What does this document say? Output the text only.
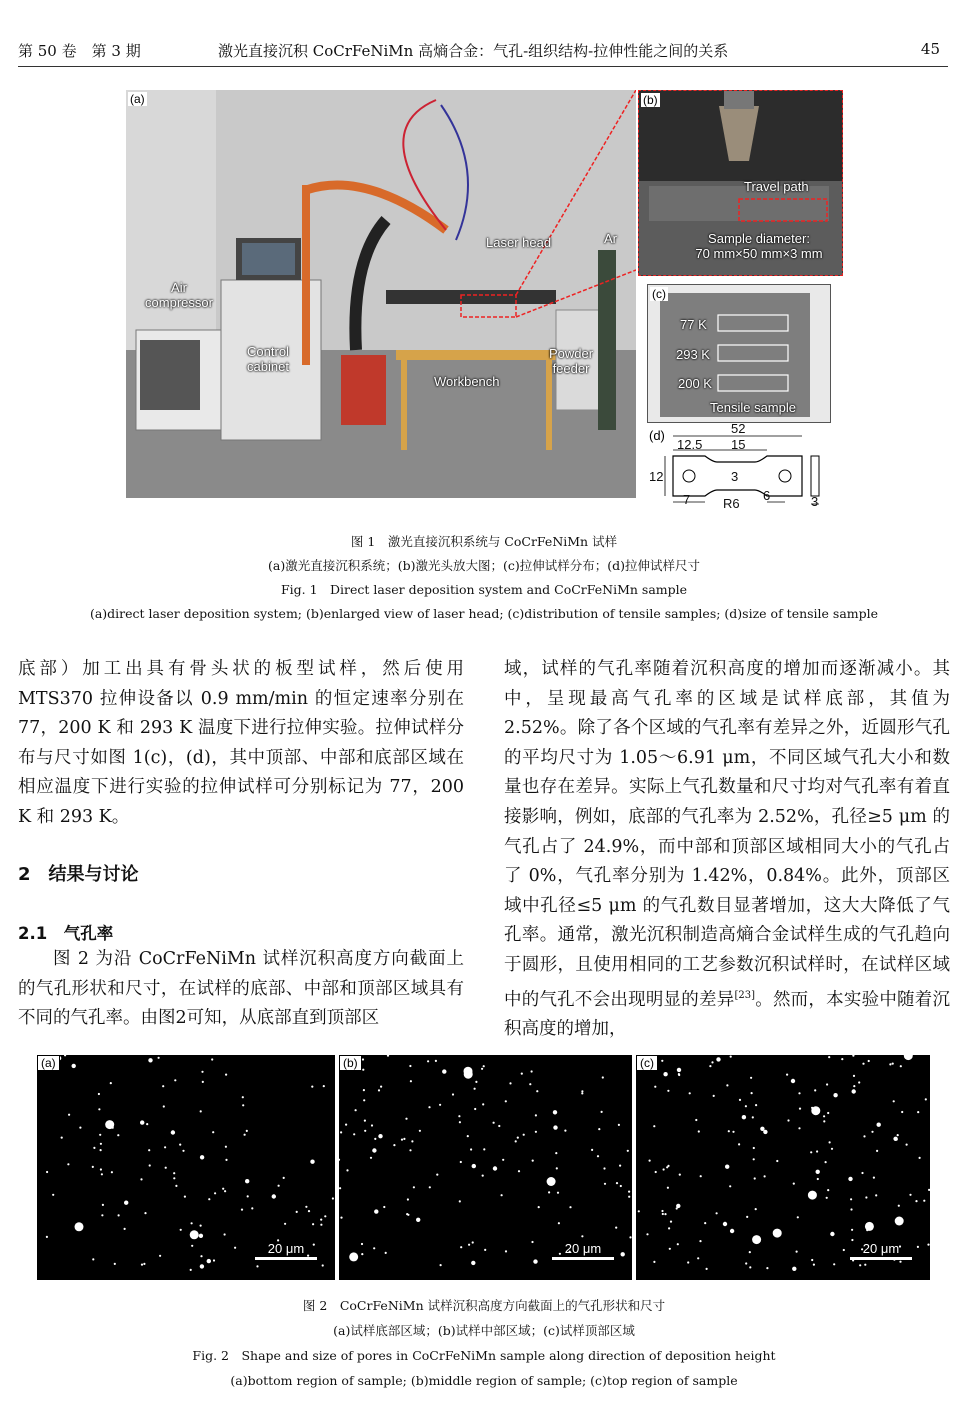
第 50 卷　第 3 期	激光直接沉积 CoCrFeNiMn 高熵合金：气孔-组织结构-拉伸性能之间的关系	45
(a)
Air
compressor
Control
cabinet
Laser head	Ar
Powder
feeder
Workbench
(b)
Travel path
Sample diameter:
70 mm×50 mm×3 mm
(c)
77 K
293 K
200 K
Tensile sample
(d)	52
12.5 15
12	3
7	R6
6	3
图 1　激光直接沉积系统与 CoCrFeNiMn 试样
(a)激光直接沉积系统；(b)激光头放大图；(c)拉伸试样分布；(d)拉伸试样尺寸
Fig. 1　Direct laser deposition system and CoCrFeNiMn sample
(a)direct laser deposition system; (b)enlarged view of laser head; (c)distribution of tensile samples; (d)size of tensile sample

底部）加工出具有骨头状的板型试样，然后使用 MTS370 拉伸设备以 0.9 mm/min 的恒定速率分别在 77，200 K 和 293 K 温度下进行拉伸实验。拉伸试样分布与尺寸如图 1(c)，(d)，其中顶部、中部和底部区域在相应温度下进行实验的拉伸试样可分别标记为 77，200 K 和 293 K。

2　结果与讨论
2.1　气孔率

图 2 为沿 CoCrFeNiMn 试样沉积高度方向截面上的气孔形状和尺寸，在试样的底部、中部和顶部区域具有不同的气孔率。由图2可知，从底部直到顶部区

域，试样的气孔率随着沉积高度的增加而逐渐减小。其中，呈现最高气孔率的区域是试样底部，其值为 2.52%。除了各个区域的气孔率有差异之外，近圆形气孔的平均尺寸为 1.05～6.91 μm，不同区域气孔大小和数量也存在差异。实际上气孔数量和尺寸均对气孔率有着直接影响，例如，底部的气孔率为 2.52%，孔径≥5 μm 的气孔占了 24.9%，而中部和顶部区域相同大小的气孔占了 0%，气孔率分别为 1.42%，0.84%。此外，顶部区域中孔径≤5 μm 的气孔数目显著增加，这大大降低了气孔率。通常，激光沉积制造高熵合金试样生成的气孔趋向于圆形，且使用相同的工艺参数沉积试样时，在试样区域中的气孔不会出现明显的差异[23]。然而，本实验中随着沉积高度的增加，

(a)
20 μm
(b)
20 μm
(c)
20 μm
图 2　CoCrFeNiMn 试样沉积高度方向截面上的气孔形状和尺寸
(a)试样底部区域；(b)试样中部区域；(c)试样顶部区域
Fig. 2　Shape and size of pores in CoCrFeNiMn sample along direction of deposition height
(a)bottom region of sample; (b)middle region of sample; (c)top region of sample
